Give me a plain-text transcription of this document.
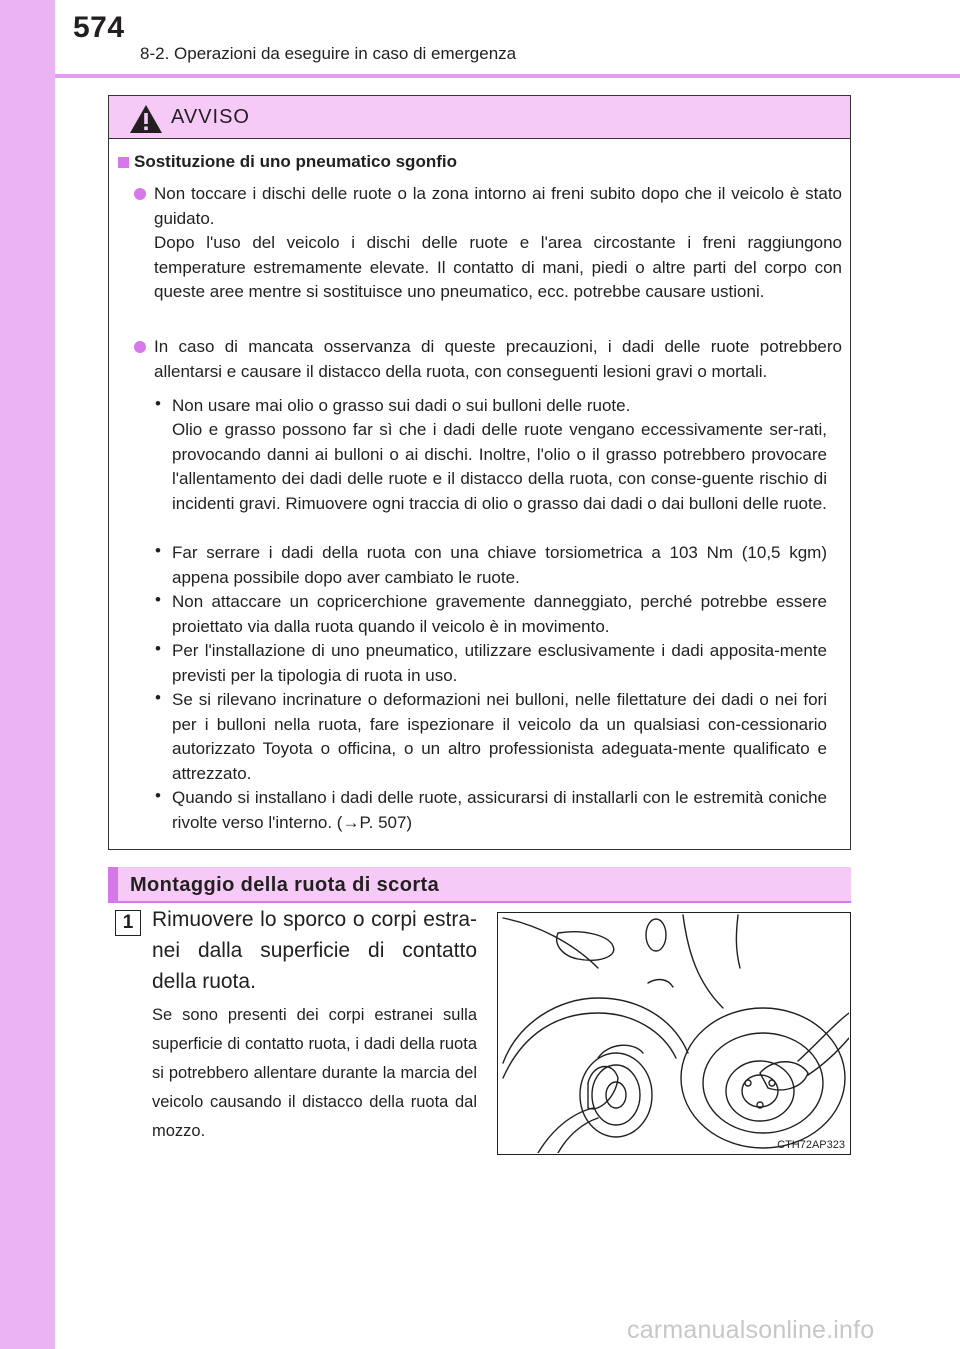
574
8-2. Operazioni da eseguire in caso di emergenza
AVVISO
Sostituzione di uno pneumatico sgonfio
Non toccare i dischi delle ruote o la zona intorno ai freni subito dopo che il veicolo è stato guidato.
Dopo l'uso del veicolo i dischi delle ruote e l'area circostante i freni raggiungono temperature estremamente elevate. Il contatto di mani, piedi o altre parti del corpo con queste aree mentre si sostituisce uno pneumatico, ecc. potrebbe causare ustioni.
In caso di mancata osservanza di queste precauzioni, i dadi delle ruote potrebbero allentarsi e causare il distacco della ruota, con conseguenti lesioni gravi o mortali.
• Non usare mai olio o grasso sui dadi o sui bulloni delle ruote.
Olio e grasso possono far sì che i dadi delle ruote vengano eccessivamente ser-rati, provocando danni ai bulloni o ai dischi. Inoltre, l'olio o il grasso potrebbero provocare l'allentamento dei dadi delle ruote e il distacco della ruota, con conse-guente rischio di incidenti gravi. Rimuovere ogni traccia di olio o grasso dai dadi o dai bulloni delle ruote.
• Far serrare i dadi della ruota con una chiave torsiometrica a 103 Nm (10,5 kgm) appena possibile dopo aver cambiato le ruote.
• Non attaccare un copricerchione gravemente danneggiato, perché potrebbe essere proiettato via dalla ruota quando il veicolo è in movimento.
• Per l'installazione di uno pneumatico, utilizzare esclusivamente i dadi apposita-mente previsti per la tipologia di ruota in uso.
• Se si rilevano incrinature o deformazioni nei bulloni, nelle filettature dei dadi o nei fori per i bulloni nella ruota, fare ispezionare il veicolo da un qualsiasi con-cessionario autorizzato Toyota o officina, o un altro professionista adeguata-mente qualificato e attrezzato.
• Quando si installano i dadi delle ruote, assicurarsi di installarli con le estremità coniche rivolte verso l'interno. (→P. 507)
Montaggio della ruota di scorta
1 Rimuovere lo sporco o corpi estra-nei dalla superficie di contatto della ruota.
Se sono presenti dei corpi estranei sulla superficie di contatto ruota, i dadi della ruota si potrebbero allentare durante la marcia del veicolo causando il distacco della ruota dal mozzo.
CTH72AP323
carmanualsonline.info
